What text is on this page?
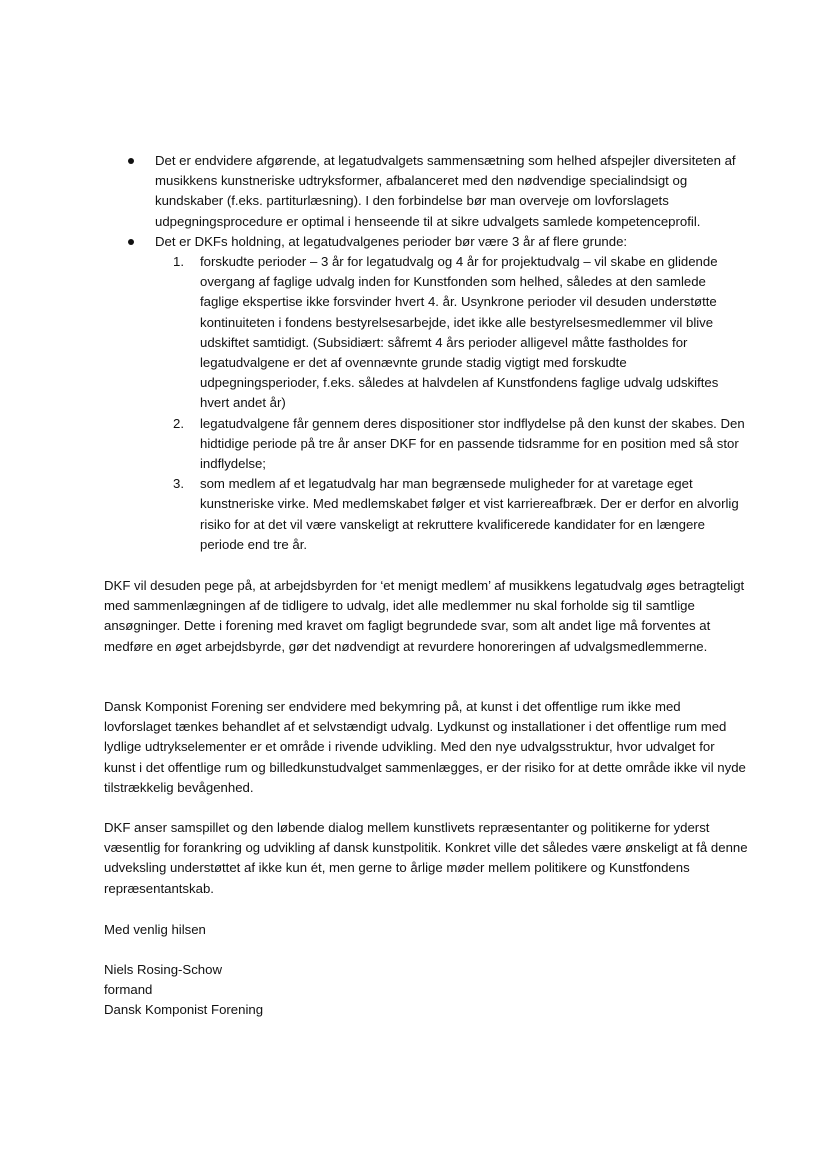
Det er endvidere afgørende, at legatudvalgets sammensætning som helhed afspejler diversiteten af musikkens kunstneriske udtryksformer, afbalanceret med den nødvendige specialindsigt og kundskaber (f.eks. partiturlæsning). I den forbindelse bør man overveje om lovforslagets udpegningsprocedure er optimal i henseende til at sikre udvalgets samlede kompetenceprofil.
Det er DKFs holdning, at legatudvalgenes perioder bør være 3 år af flere grunde:
1.	forskudte perioder – 3 år for legatudvalg og 4 år for projektudvalg – vil skabe en glidende overgang af faglige udvalg inden for Kunstfonden som helhed, således at den samlede faglige ekspertise ikke forsvinder hvert 4. år. Usynkrone perioder vil desuden understøtte kontinuiteten i fondens bestyrelsesarbejde, idet ikke alle bestyrelsesmedlemmer vil blive udskiftet samtidigt. (Subsidiært: såfremt 4 års perioder alligevel måtte fastholdes for legatudvalgene er det af ovennævnte grunde stadig vigtigt med forskudte udpegningsperioder, f.eks. således at halvdelen af Kunstfondens faglige udvalg udskiftes hvert andet år)
2.	legatudvalgene får gennem deres dispositioner stor indflydelse på den kunst der skabes. Den hidtidige periode på tre år anser DKF for en passende tidsramme for en position med så stor indflydelse;
3.	som medlem af et legatudvalg har man begrænsede muligheder for at varetage eget kunstneriske virke. Med medlemskabet følger et vist karriereafbræk. Der er derfor en alvorlig risiko for at det vil være vanskeligt at rekruttere kvalificerede kandidater for en længere periode end tre år.

DKF vil desuden pege på, at arbejdsbyrden for ‘et menigt medlem’ af musikkens legatudvalg øges betragteligt med sammenlægningen af de tidligere to udvalg, idet alle medlemmer nu skal forholde sig til samtlige ansøgninger. Dette i forening med kravet om fagligt begrundede svar, som alt andet lige må forventes at medføre en øget arbejdsbyrde, gør det nødvendigt at revurdere honoreringen af udvalgsmedlemmerne.

Dansk Komponist Forening ser endvidere med bekymring på, at kunst i det offentlige rum ikke med lovforslaget tænkes behandlet af et selvstændigt udvalg. Lydkunst og installationer i det offentlige rum med lydlige udtrykselementer er et område i rivende udvikling. Med den nye udvalgsstruktur, hvor udvalget for kunst i det offentlige rum og billedkunstudvalget sammenlægges, er der risiko for at dette område ikke vil nyde tilstrækkelig bevågenhed.

DKF anser samspillet og den løbende dialog mellem kunstlivets repræsentanter og politikerne for yderst væsentlig for forankring og udvikling af dansk kunstpolitik. Konkret ville det således være ønskeligt at få denne udveksling understøttet af ikke kun ét, men gerne to årlige møder mellem politikere og Kunstfondens repræsentantskab.

Med venlig hilsen

Niels Rosing-Schow
formand
Dansk Komponist Forening
